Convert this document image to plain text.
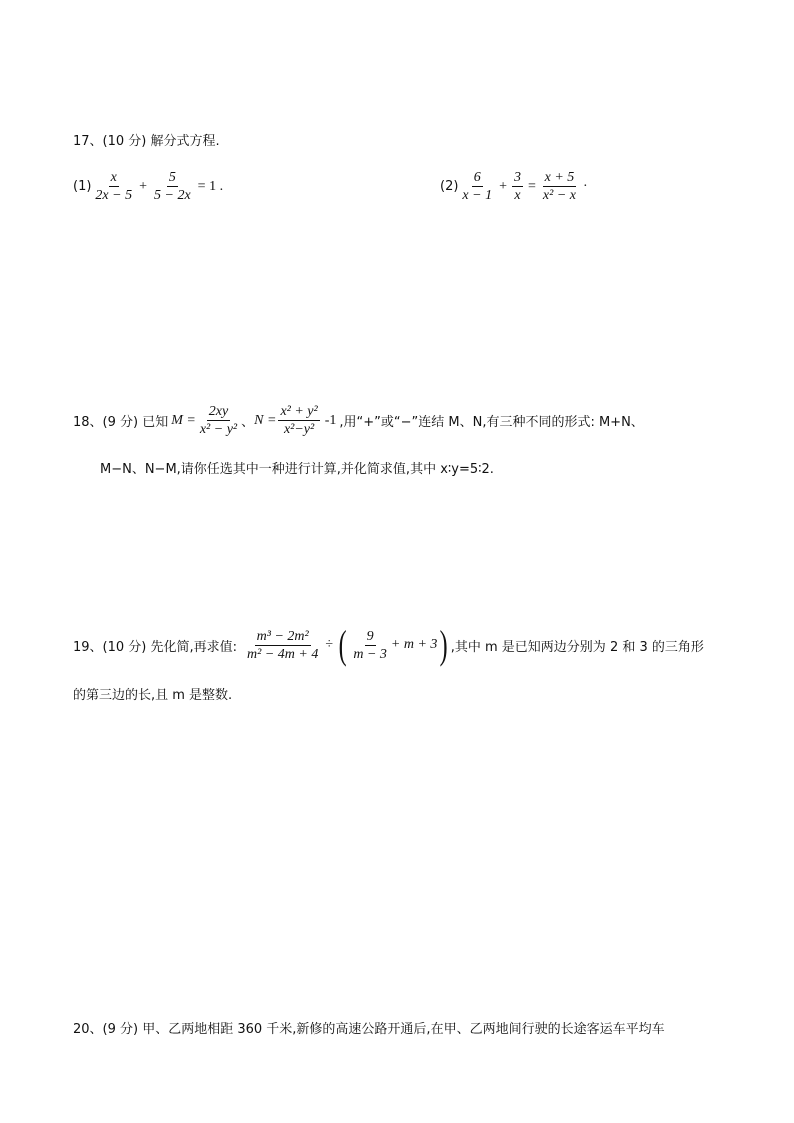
17、(10 分) 解分式方程.
$(1) \frac{x}{2x - 5} + \frac{5}{5 - 2x} = 1$ .	$(2) \frac{6}{x - 1} + \frac{3}{x} = \frac{x + 5}{\text{x² − x}}$ ·
18、(9 分) 已知 $M = \frac{2xy}{\text{x² − y²}}$ 、 $N = \frac{\text{x² + y²}}{\text{x²−y²}} -1$ ,用“+”或“−”连结 M、N,有三种不同的形式: M+N、
M−N、N−M,请你任选其中一种进行计算,并化简求值,其中 x∶y=5∶2.
19、(10 分) 先化简,再求值: $\frac{\text{m³ − 2m²}}{\text{m² − 4m + 4}}$ ÷ ( $\frac{9}{m - 3} + m + 3$ ) ,其中 m 是已知两边分别为 2 和 3 的三角形
的第三边的长,且 m 是整数.
20、(9 分) 甲、乙两地相距 360 千米,新修的高速公路开通后,在甲、乙两地间行驶的长途客运车平均车
